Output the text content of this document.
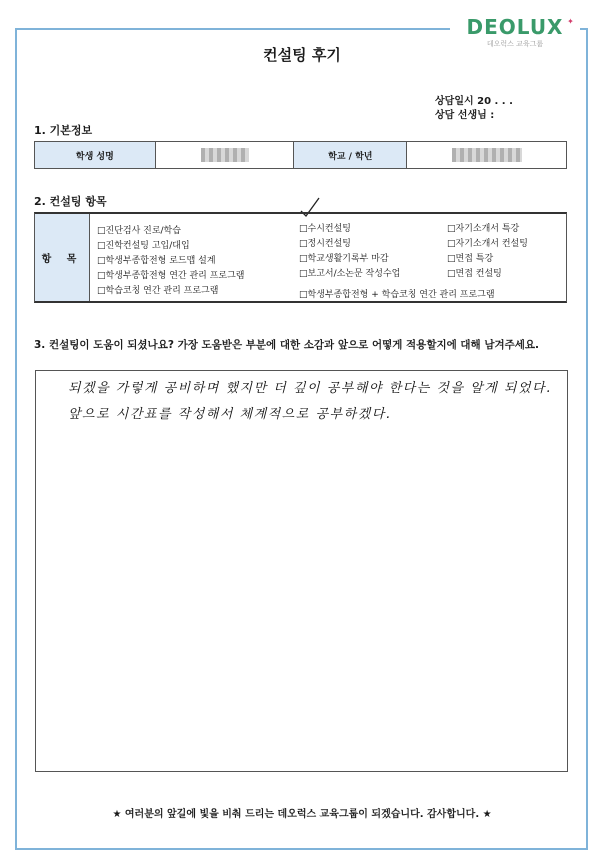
DEOLUX
데오럭스 교육그룹
✦
컨설팅 후기
상담일시 20 . . .
상담 선생님 :
1. 기본정보
학생 성명		학교 / 학년	
2. 컨설팅 항목
항 목
□진단검사 진로/학습
□진학컨설팅 고입/대입
□학생부종합전형 로드맵 설계
□학생부종합전형 연간 관리 프로그램
□학습코칭 연간 관리 프로그램
□수시컨설팅
□정시컨설팅
□학교생활기록부 마감
□보고서/소논문 작성수업
□학생부종합전형 + 학습코칭 연간 관리 프로그램
□자기소개서 특강
□자기소개서 컨설팅
□면접 특강
□면접 컨설팅
3. 컨설팅이 도움이 되셨나요? 가장 도움받은 부분에 대한 소감과 앞으로 어떻게 적용할지에 대해 남겨주세요.
되겠을 가렇게 공비하며 했지만 더 깊이 공부해야 한다는 것을 알게 되었다.
앞으로 시간표를 작성해서 체계적으로 공부하겠다.
★ 여러분의 앞길에 빛을 비춰 드리는 데오럭스 교육그룹이 되겠습니다. 감사합니다. ★
